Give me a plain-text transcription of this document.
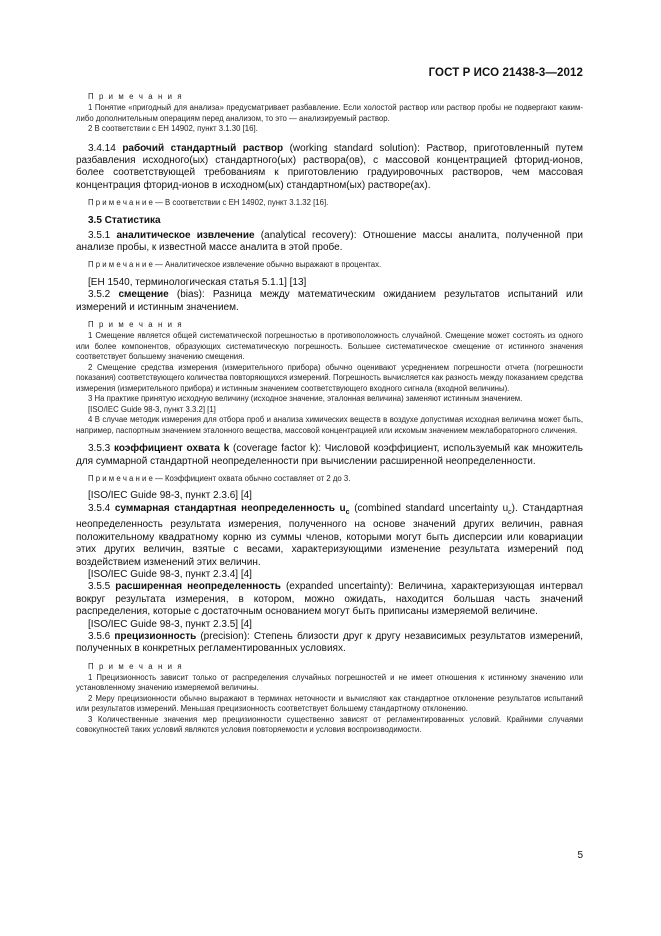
ГОСТ Р ИСО 21438-3—2012

П р и м е ч а н и я

1 Понятие «пригодный для анализа» предусматривает разбавление. Если холостой раствор или раствор пробы не подвергают каким-либо дополнительным операциям перед анализом, то это — анализируемый раствор.

2 В соответствии с ЕН 14902, пункт 3.1.30 [16].

3.4.14 рабочий стандартный раствор (working standard solution): Раствор, приготовленный путем разбавления исходного(ых) стандартного(ых) раствора(ов), с массовой концентрацией фторид-ионов, более соответствующей требованиям к приготовлению градуировочных растворов, чем массовая концентрация фторид-ионов в исходном(ых) стандартном(ых) растворе(ах).

П р и м е ч а н и е — В соответствии с ЕН 14902, пункт 3.1.32 [16].

3.5 Статистика

3.5.1 аналитическое извлечение (analytical recovery): Отношение массы аналита, полученной при анализе пробы, к известной массе аналита в этой пробе.

П р и м е ч а н и е — Аналитическое извлечение обычно выражают в процентах.

[ЕН 1540, терминологическая статья 5.1.1] [13]

3.5.2 смещение (bias): Разница между математическим ожиданием результатов испытаний или измерений и истинным значением.

П р и м е ч а н и я

1 Смещение является общей систематической погрешностью в противоположность случайной. Смещение может состоять из одного или более компонентов, образующих систематическую погрешность. Большее систематическое смещение от истинного значения соответствует большему значению смещения.

2 Смещение средства измерения (измерительного прибора) обычно оценивают усреднением погрешности отчета (погрешности показания) соответствующего количества повторяющихся измерений. Погрешность вычисляется как разность между показанием средства измерения (измерительного прибора) и истинным значением соответствующего входного сигнала (входной величины).

3 На практике принятую исходную величину (исходное значение, эталонная величина) заменяют истинным значением.

[ISO/IEC Guide 98-3, пункт 3.3.2] [1]

4 В случае методик измерения для отбора проб и анализа химических веществ в воздухе допустимая исходная величина может быть, например, паспортным значением эталонного вещества, массовой концентрацией или искомым значением межлабораторного сличения.

3.5.3 коэффициент охвата k (coverage factor k): Числовой коэффициент, используемый как множитель для суммарной стандартной неопределенности при вычислении расширенной неопределенности.

П р и м е ч а н и е — Коэффициент охвата обычно составляет от 2 до 3.

[ISO/IEC Guide 98-3, пункт 2.3.6] [4]

3.5.4 суммарная стандартная неопределенность $u_c$ (combined standard uncertainty $u_c$). Стандартная неопределенность результата измерения, полученного на основе значений других величин, равная положительному квадратному корню из суммы членов, которыми могут быть дисперсии или ковариации этих других величин, взятые с весами, характеризующими изменение результата измерений под воздействием изменений этих величин.

[ISO/IEC Guide 98-3, пункт 2.3.4] [4]

3.5.5 расширенная неопределенность (expanded uncertainty): Величина, характеризующая интервал вокруг результата измерения, в котором, можно ожидать, находится большая часть значений распределения, которые с достаточным основанием могут быть приписаны измеряемой величине.

[ISO/IEC Guide 98-3, пункт 2.3.5] [4]

3.5.6 прецизионность (precision): Степень близости друг к другу независимых результатов измерений, полученных в конкретных регламентированных условиях.

П р и м е ч а н и я

1 Прецизионность зависит только от распределения случайных погрешностей и не имеет отношения к истинному значению или установленному значению измеряемой величины.

2 Меру прецизионности обычно выражают в терминах неточности и вычисляют как стандартное отклонение результатов испытаний или результатов измерений. Меньшая прецизионность соответствует большему стандартному отклонению.

3 Количественные значения мер прецизионности существенно зависят от регламентированных условий. Крайними случаями совокупностей таких условий являются условия повторяемости и условия воспроизводимости.

5
